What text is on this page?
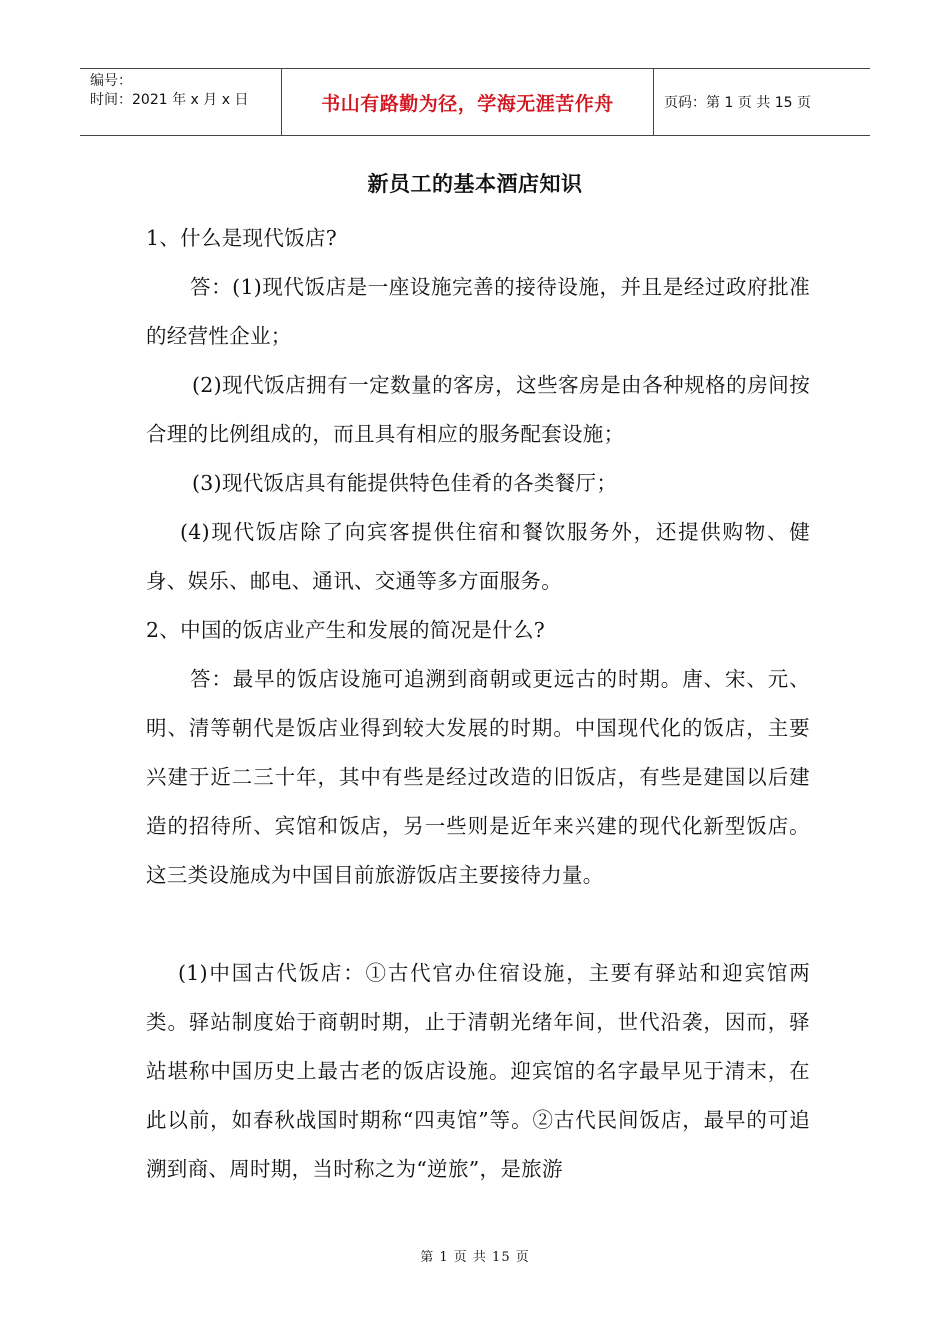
编号：
时间：2021 年 x 月 x 日	书山有路勤为径，学海无涯苦作舟	页码：第 1 页 共 15 页
新员工的基本酒店知识

1、什么是现代饭店?

答：(1)现代饭店是一座设施完善的接待设施，并且是经过政府批准的经营性企业；

(2)现代饭店拥有一定数量的客房，这些客房是由各种规格的房间按合理的比例组成的，而且具有相应的服务配套设施；

(3)现代饭店具有能提供特色佳肴的各类餐厅；

(4)现代饭店除了向宾客提供住宿和餐饮服务外，还提供购物、健身、娱乐、邮电、通讯、交通等多方面服务。

2、中国的饭店业产生和发展的简况是什么?

答：最早的饭店设施可追溯到商朝或更远古的时期。唐、宋、元、明、清等朝代是饭店业得到较大发展的时期。中国现代化的饭店，主要兴建于近二三十年，其中有些是经过改造的旧饭店，有些是建国以后建造的招待所、宾馆和饭店，另一些则是近年来兴建的现代化新型饭店。这三类设施成为中国目前旅游饭店主要接待力量。

(1)中国古代饭店：①古代官办住宿设施，主要有驿站和迎宾馆两类。驿站制度始于商朝时期，止于清朝光绪年间，世代沿袭，因而，驿站堪称中国历史上最古老的饭店设施。迎宾馆的名字最早见于清末，在此以前，如春秋战国时期称“四夷馆”等。②古代民间饭店，最早的可追溯到商、周时期，当时称之为“逆旅”，是旅游

第 1 页 共 15 页
